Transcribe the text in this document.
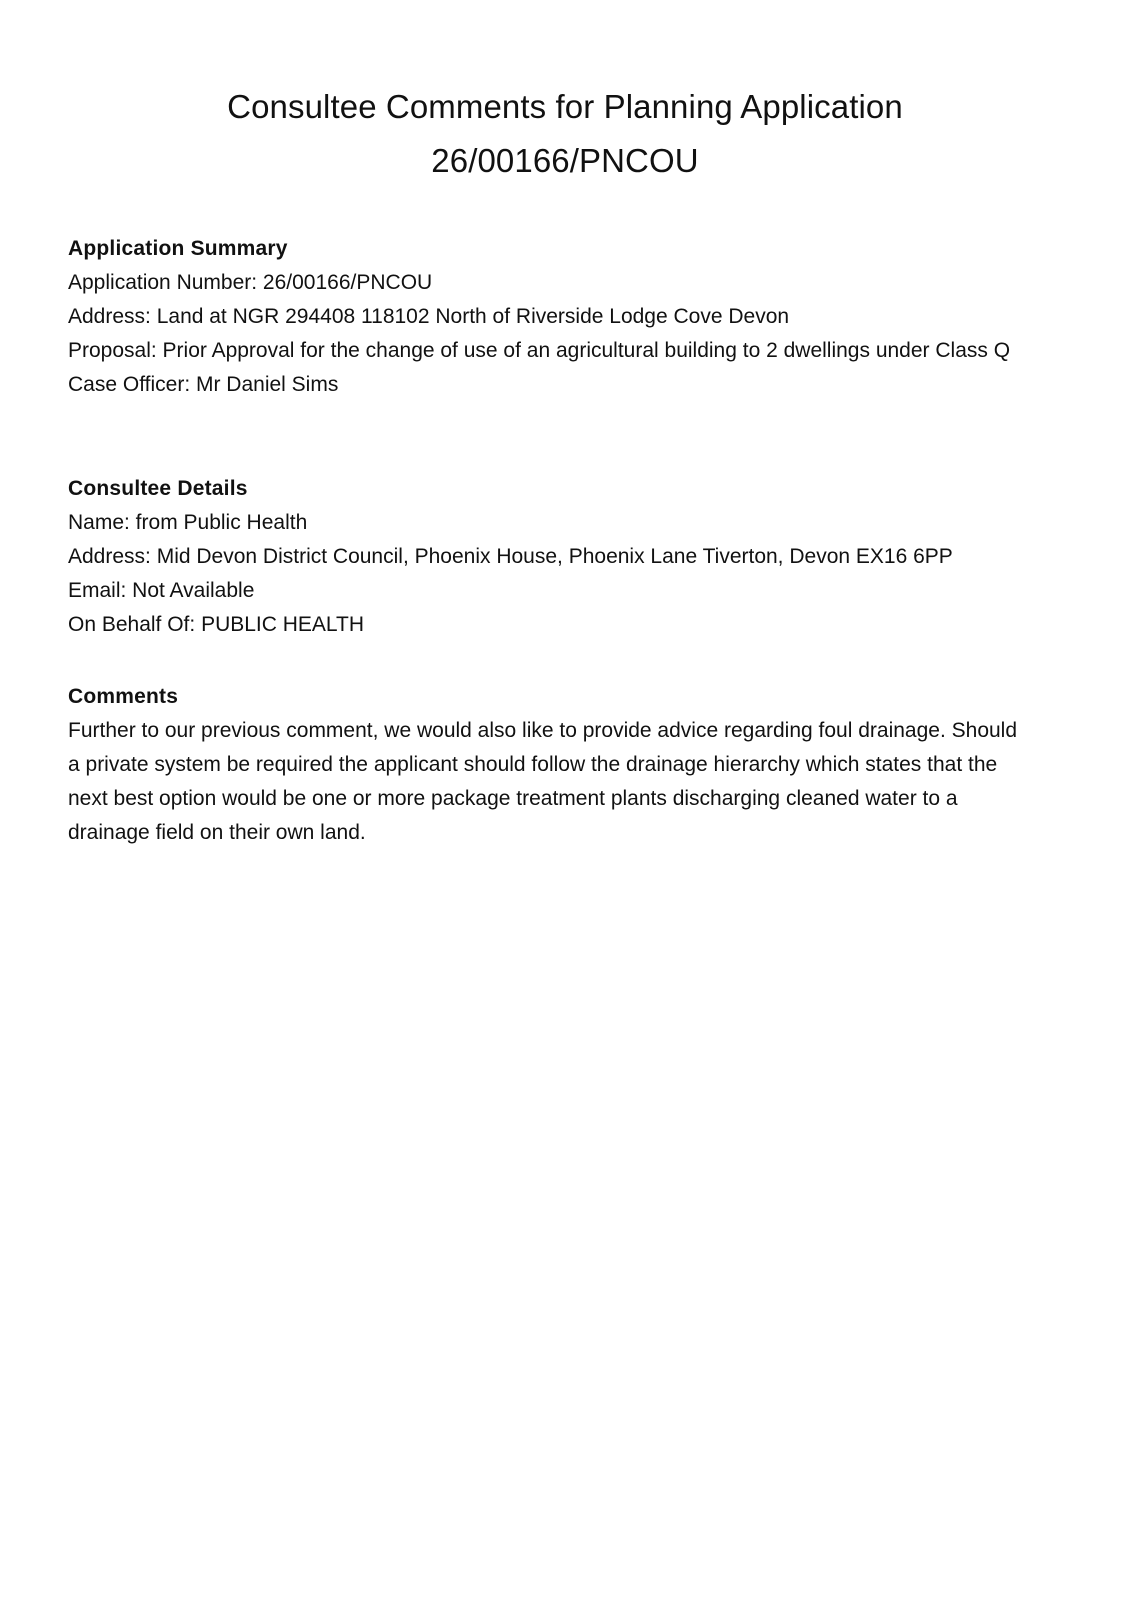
Consultee Comments for Planning Application
26/00166/PNCOU
Application Summary

Application Number: 26/00166/PNCOU

Address: Land at NGR 294408 118102 North of Riverside Lodge Cove Devon

Proposal: Prior Approval for the change of use of an agricultural building to 2 dwellings under Class Q

Case Officer: Mr Daniel Sims

Consultee Details

Name: from Public Health

Address: Mid Devon District Council, Phoenix House, Phoenix Lane Tiverton, Devon EX16 6PP

Email: Not Available

On Behalf Of: PUBLIC HEALTH

Comments

Further to our previous comment, we would also like to provide advice regarding foul drainage. Should a private system be required the applicant should follow the drainage hierarchy which states that the next best option would be one or more package treatment plants discharging cleaned water to a drainage field on their own land.
